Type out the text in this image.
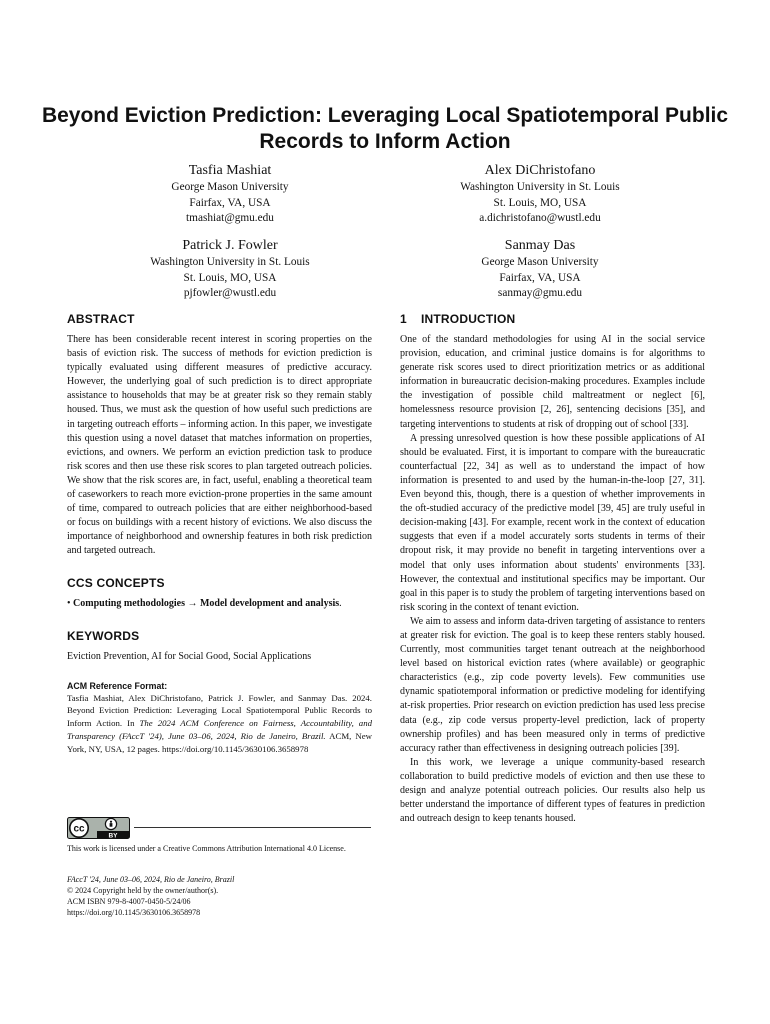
Beyond Eviction Prediction: Leveraging Local Spatiotemporal Public Records to Inform Action
Tasfia Mashiat
George Mason University
Fairfax, VA, USA
tmashiat@gmu.edu
Alex DiChristofano
Washington University in St. Louis
St. Louis, MO, USA
a.dichristofano@wustl.edu
Patrick J. Fowler
Washington University in St. Louis
St. Louis, MO, USA
pjfowler@wustl.edu
Sanmay Das
George Mason University
Fairfax, VA, USA
sanmay@gmu.edu
ABSTRACT

There has been considerable recent interest in scoring properties on the basis of eviction risk. The success of methods for eviction prediction is typically evaluated using different measures of predictive accuracy. However, the underlying goal of such prediction is to direct appropriate assistance to households that may be at greater risk so they remain stably housed. Thus, we must ask the question of how useful such predictions are in targeting outreach efforts – informing action. In this paper, we investigate this question using a novel dataset that matches information on properties, evictions, and owners. We perform an eviction prediction task to produce risk scores and then use these risk scores to plan targeted outreach policies. We show that the risk scores are, in fact, useful, enabling a theoretical team of caseworkers to reach more eviction-prone properties in the same amount of time, compared to outreach policies that are either neighborhood-based or focus on buildings with a recent history of evictions. We also discuss the importance of neighborhood and ownership features in both risk prediction and targeted outreach.

CCS CONCEPTS

• Computing methodologies → Model development and analysis.

KEYWORDS

Eviction Prevention, AI for Social Good, Social Applications

ACM Reference Format:

Tasfia Mashiat, Alex DiChristofano, Patrick J. Fowler, and Sanmay Das. 2024. Beyond Eviction Prediction: Leveraging Local Spatiotemporal Public Records to Inform Action. In The 2024 ACM Conference on Fairness, Accountability, and Transparency (FAccT '24), June 03–06, 2024, Rio de Janeiro, Brazil. ACM, New York, NY, USA, 12 pages. https://doi.org/10.1145/3630106.3658978

cc
BY

This work is licensed under a Creative Commons Attribution International 4.0 License.

FAccT '24, June 03–06, 2024, Rio de Janeiro, Brazil
© 2024 Copyright held by the owner/author(s).
ACM ISBN 979-8-4007-0450-5/24/06
https://doi.org/10.1145/3630106.3658978
1 INTRODUCTION

One of the standard methodologies for using AI in the social service provision, education, and criminal justice domains is for algorithms to generate risk scores used to direct prioritization metrics or as additional information in bureaucratic decision-making procedures. Examples include the investigation of possible child maltreatment or neglect [6], homelessness resource provision [2, 26], sentencing decisions [35], and targeting interventions to students at risk of dropping out of school [33].

A pressing unresolved question is how these possible applications of AI should be evaluated. First, it is important to compare with the bureaucratic counterfactual [22, 34] as well as to understand the impact of how information is presented to and used by the human-in-the-loop [27, 31]. Even beyond this, though, there is a question of whether improvements in the oft-studied accuracy of the predictive model [39, 45] are truly useful in decision-making [43]. For example, recent work in the context of education suggests that even if a model accurately sorts students in terms of their dropout risk, it may provide no benefit in targeting interventions over a model that only uses information about students' environments [33]. However, the contextual and institutional specifics may be important. Our goal in this paper is to study the problem of targeting interventions based on risk scoring in the context of tenant eviction.

We aim to assess and inform data-driven targeting of assistance to renters at greater risk for eviction. The goal is to keep these renters stably housed. Currently, most communities target tenant outreach at the neighborhood level based on historical eviction rates (where available) or geographic characteristics (e.g., zip code poverty levels). Few communities use dynamic spatiotemporal information or predictive modeling for identifying at-risk properties. Prior research on eviction prediction has used less precise data (e.g., zip code versus property-level prediction, lack of property ownership profiles) and has been measured only in terms of predictive accuracy rather than effectiveness in designing outreach policies [39].

In this work, we leverage a unique community-based research collaboration to build predictive models of eviction and then use these to design and analyze potential outreach policies. Our results also help us better understand the importance of different types of features in prediction and outreach design to keep tenants housed.
